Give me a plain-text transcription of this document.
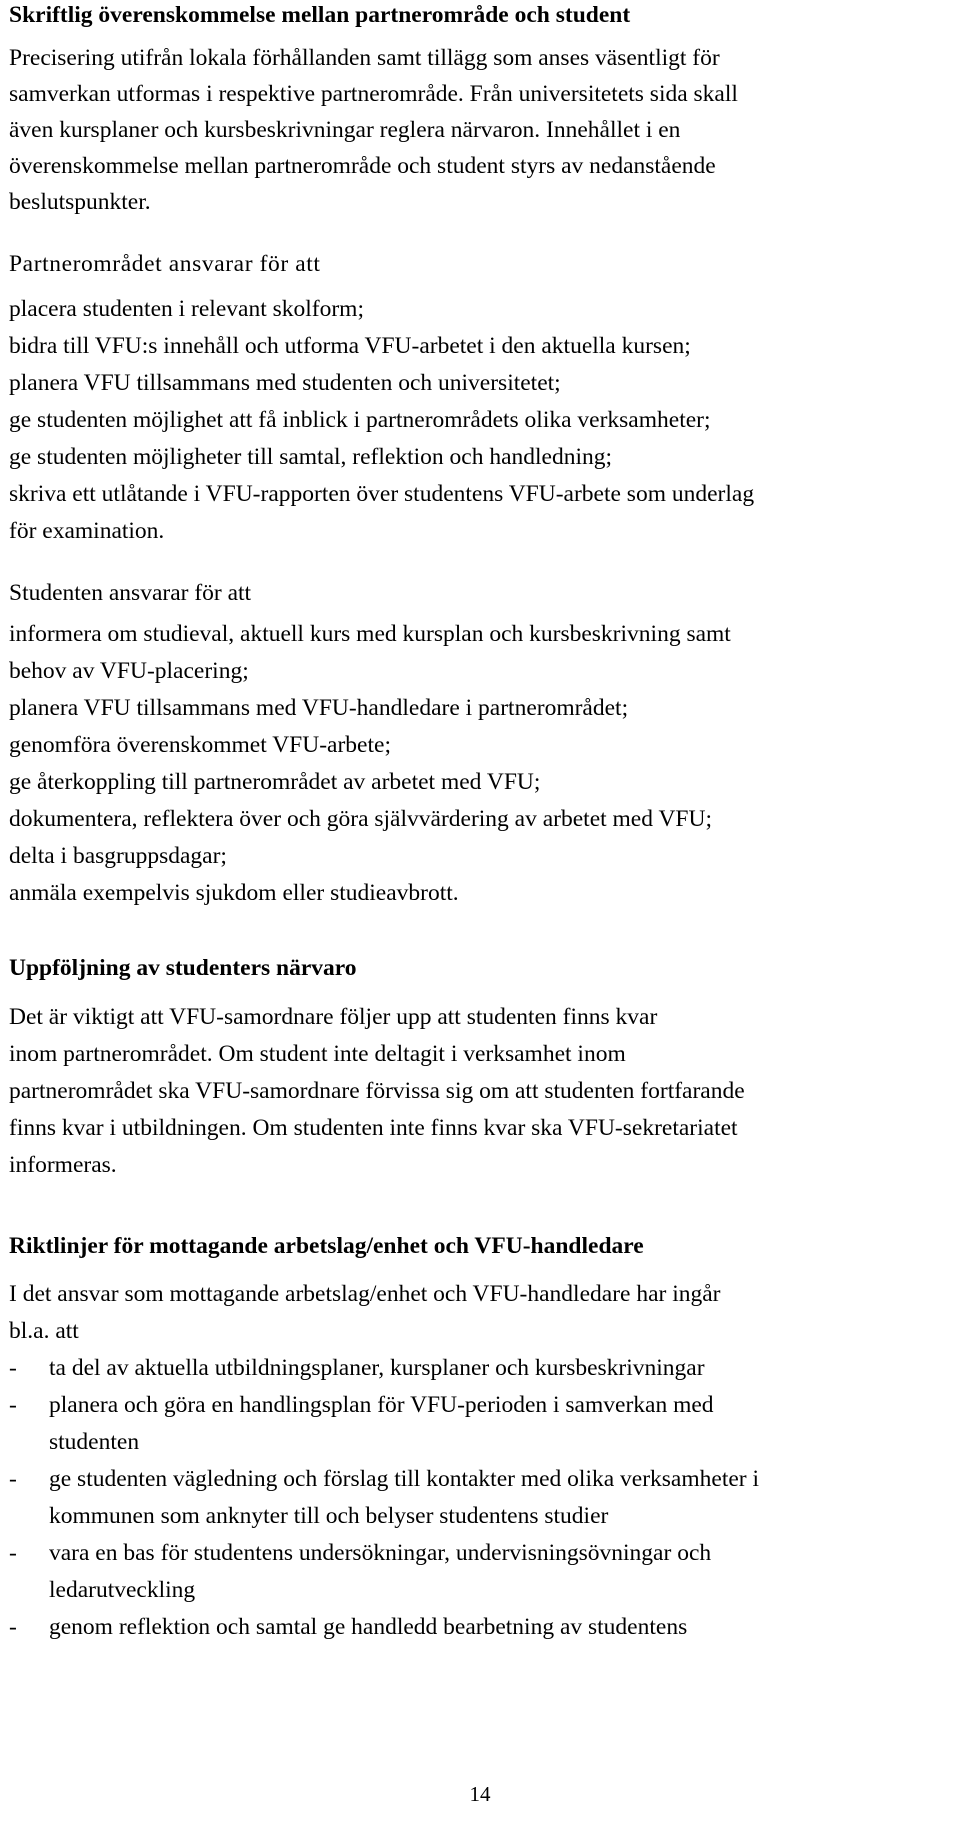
Skriftlig överenskommelse mellan partnerområde och student

Precisering utifrån lokala förhållanden samt tillägg som anses väsentligt för

samverkan utformas i respektive partnerområde. Från universitetets sida skall

även kursplaner och kursbeskrivningar reglera närvaron. Innehållet i en

överenskommelse mellan partnerområde och student styrs av nedanstående

beslutspunkter.

Partnerområdet ansvarar för att

placera studenten i relevant skolform;

bidra till VFU:s innehåll och utforma VFU-arbetet i den aktuella kursen;

planera VFU tillsammans med studenten och universitetet;

ge studenten möjlighet att få inblick i partnerområdets olika verksamheter;

ge studenten möjligheter till samtal, reflektion och handledning;

skriva ett utlåtande i VFU-rapporten över studentens VFU-arbete som underlag

för examination.

Studenten ansvarar för att

informera om studieval, aktuell kurs med kursplan och kursbeskrivning samt

behov av VFU-placering;

planera VFU tillsammans med VFU-handledare i partnerområdet;

genomföra överenskommet VFU-arbete;

ge återkoppling till partnerområdet av arbetet med VFU;

dokumentera, reflektera över och göra självvärdering av arbetet med VFU;

delta i basgruppsdagar;

anmäla exempelvis sjukdom eller studieavbrott.

Uppföljning av studenters närvaro

Det är viktigt att VFU-samordnare följer upp att studenten finns kvar

inom partnerområdet. Om student inte deltagit i verksamhet inom

partnerområdet ska VFU-samordnare förvissa sig om att studenten fortfarande

finns kvar i utbildningen. Om studenten inte finns kvar ska VFU-sekretariatet

informeras.

Riktlinjer för mottagande arbetslag/enhet och VFU-handledare

I det ansvar som mottagande arbetslag/enhet och VFU-handledare har ingår

bl.a. att

- ta del av aktuella utbildningsplaner, kursplaner och kursbeskrivningar
- planera och göra en handlingsplan för VFU-perioden i samverkan med
studenten
- ge studenten vägledning och förslag till kontakter med olika verksamheter i
kommunen som anknyter till och belyser studentens studier
- vara en bas för studentens undersökningar, undervisningsövningar och
ledarutveckling
- genom reflektion och samtal ge handledd bearbetning av studentens
14
